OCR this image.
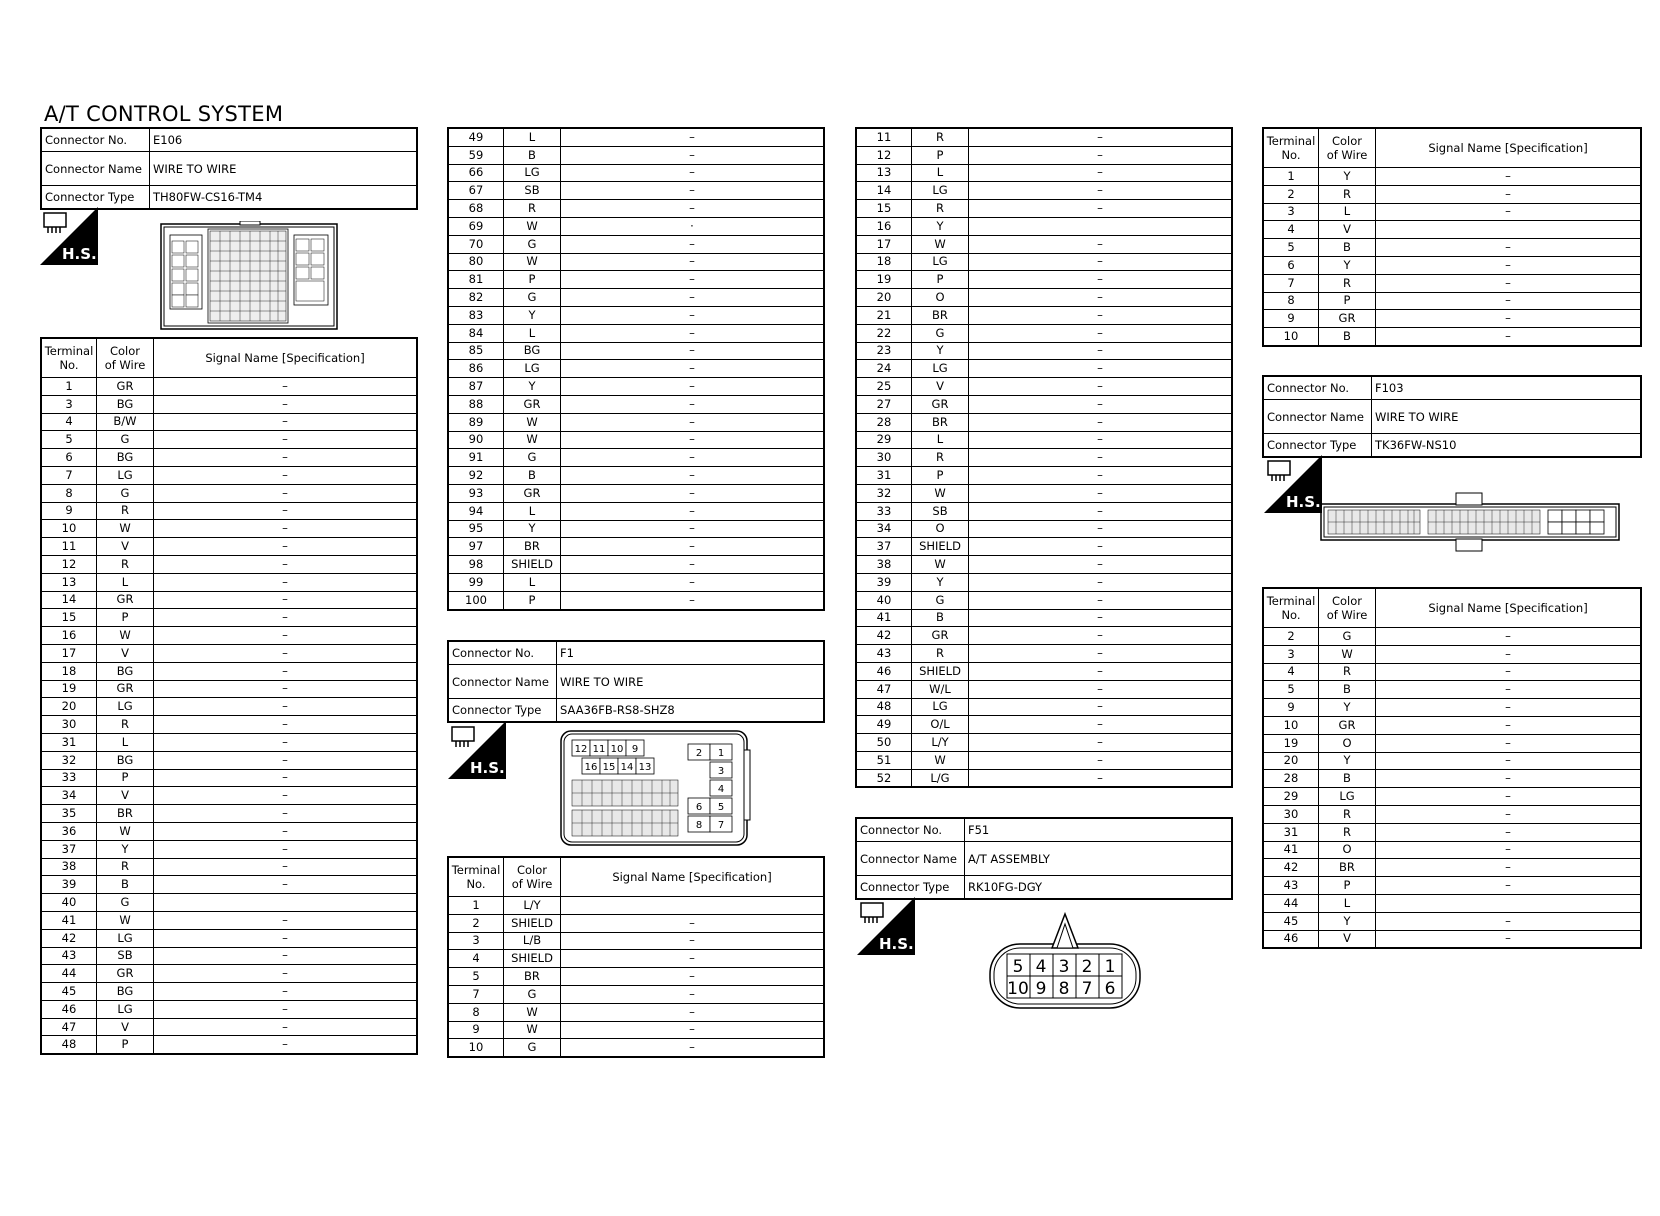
A/T CONTROL SYSTEM
Connector No.	E106
Connector Name	WIRE TO WIRE
Connector Type	TH80FW-CS16-TM4
H.S.
Terminal
No.	Color
of Wire	Signal Name [Specification]
1	GR	–
3	BG	–
4	B/W	–
5	G	–
6	BG	–
7	LG	–
8	G	–
9	R	–
10	W	–
11	V	–
12	R	–
13	L	–
14	GR	–
15	P	–
16	W	–
17	V	–
18	BG	–
19	GR	–
20	LG	–
30	R	–
31	L	–
32	BG	–
33	P	–
34	V	–
35	BR	–
36	W	–
37	Y	–
38	R	–
39	B	–
40	G	
41	W	–
42	LG	–
43	SB	–
44	GR	–
45	BG	–
46	LG	–
47	V	–
48	P	–
49	L	–
59	B	–
66	LG	–
67	SB	–
68	R	–
69	W	·
70	G	–
80	W	–
81	P	–
82	G	–
83	Y	–
84	L	–
85	BG	–
86	LG	–
87	Y	–
88	GR	–
89	W	–
90	W	–
91	G	–
92	B	–
93	GR	–
94	L	–
95	Y	–
97	BR	–
98	SHIELD	–
99	L	–
100	P	–
Connector No.	F1
Connector Name	WIRE TO WIRE
Connector Type	SAA36FB-RS8-SHZ8
H.S.
12 11 10 9
16 15 14 13
2 1
3
4
6 5
8 7
Terminal
No.	Color
of Wire	Signal Name [Specification]
1	L/Y	
2	SHIELD	–
3	L/B	–
4	SHIELD	–
5	BR	–
7	G	–
8	W	–
9	W	–
10	G	–
11	R	–
12	P	–
13	L	–
14	LG	–
15	R	–
16	Y	
17	W	–
18	LG	–
19	P	–
20	O	–
21	BR	–
22	G	–
23	Y	–
24	LG	–
25	V	–
27	GR	–
28	BR	–
29	L	–
30	R	–
31	P	–
32	W	–
33	SB	–
34	O	–
37	SHIELD	–
38	W	–
39	Y	–
40	G	–
41	B	–
42	GR	–
43	R	–
46	SHIELD	–
47	W/L	–
48	LG	–
49	O/L	–
50	L/Y	–
51	W	–
52	L/G	–
Connector No.	F51
Connector Name	A/T ASSEMBLY
Connector Type	RK10FG-DGY
H.S.
5 4 3 2 1
10 9 8 7 6
Terminal
No.	Color
of Wire	Signal Name [Specification]
1	Y	–
2	R	–
3	L	–
4	V	
5	B	–
6	Y	–
7	R	–
8	P	–
9	GR	–
10	B	–
Connector No.	F103
Connector Name	WIRE TO WIRE
Connector Type	TK36FW-NS10
H.S.
Terminal
No.	Color
of Wire	Signal Name [Specification]
2	G	–
3	W	–
4	R	–
5	B	–
9	Y	–
10	GR	–
19	O	–
20	Y	–
28	B	–
29	LG	–
30	R	–
31	R	–
41	O	–
42	BR	–
43	P	–
44	L	
45	Y	–
46	V	–
